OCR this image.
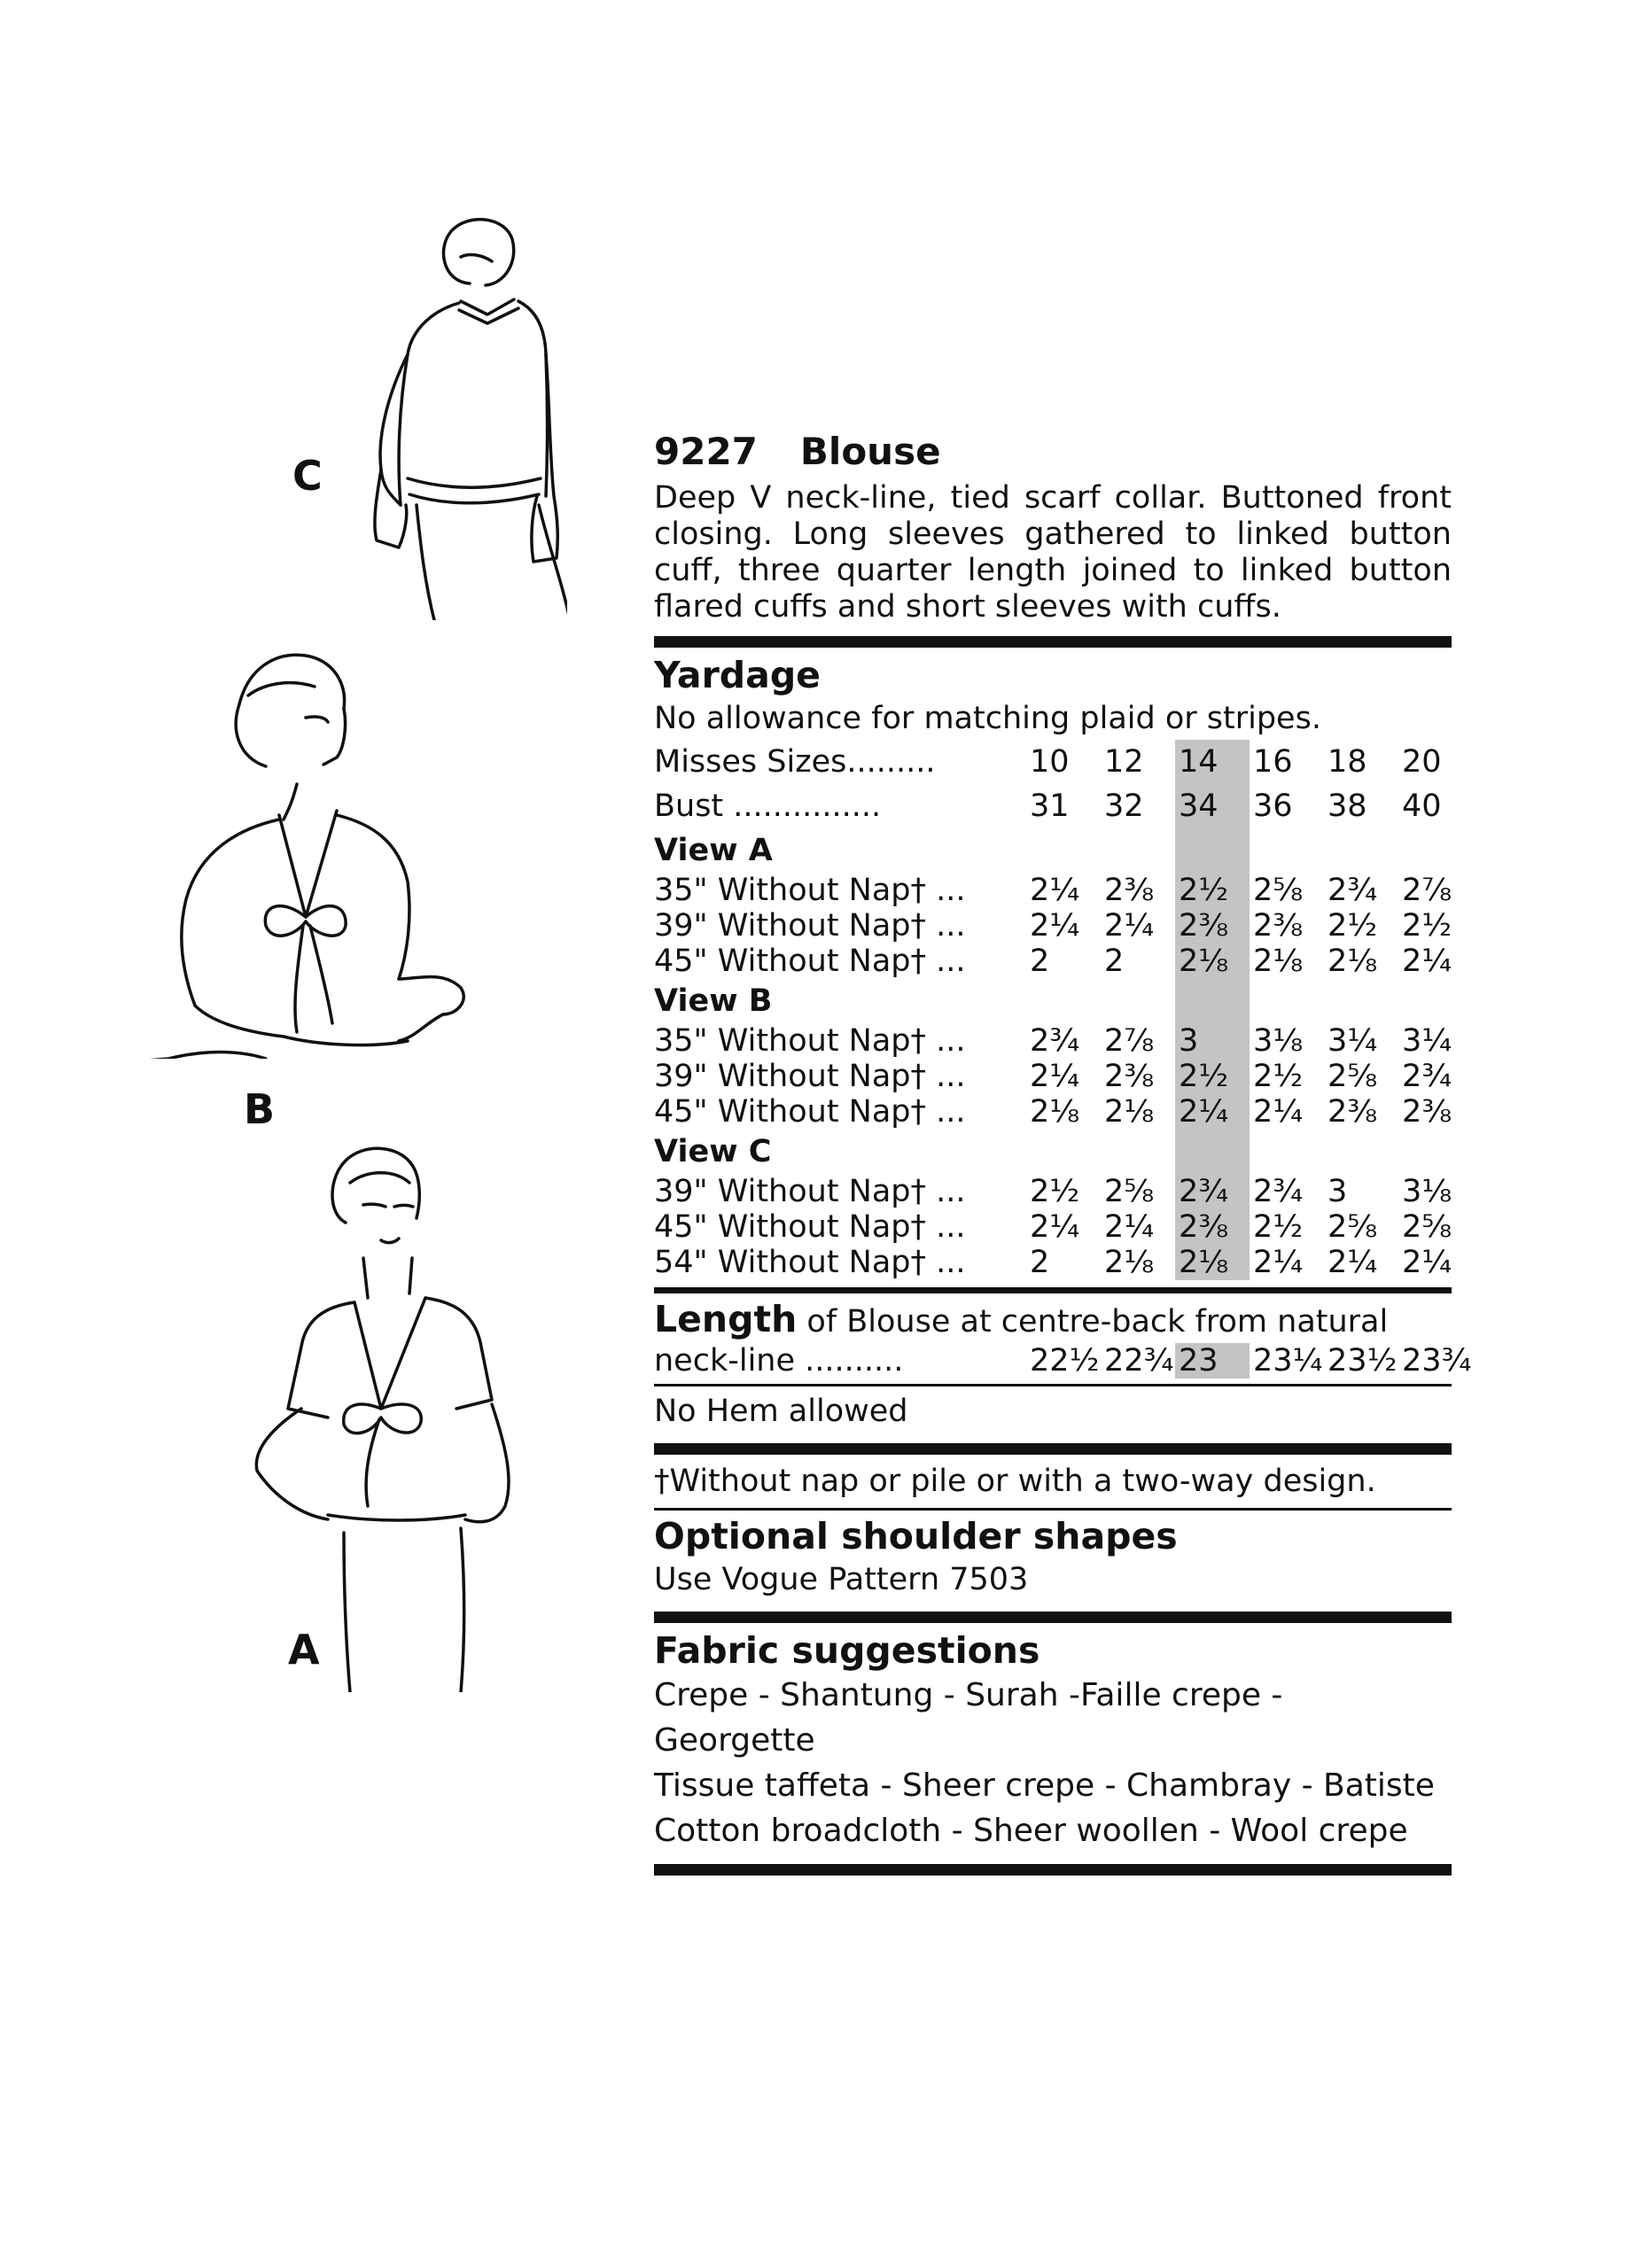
C
B
A
9227 Blouse
Deep V neck-line, tied scarf collar. Buttoned front closing. Long sleeves gathered to linked button cuff, three quarter length joined to linked button flared cuffs and short sleeves with cuffs.
Yardage
No allowance for matching plaid or stripes.
Misses Sizes.........	10	12	14	16	18	20
Bust ...............	31	32	34	36	38	40
View A						
35" Without Nap† ...	2¼	2⅜	2½	2⅝	2¾	2⅞
39" Without Nap† ...	2¼	2¼	2⅜	2⅜	2½	2½
45" Without Nap† ...	2	2	2⅛	2⅛	2⅛	2¼
View B						
35" Without Nap† ...	2¾	2⅞	3	3⅛	3¼	3¼
39" Without Nap† ...	2¼	2⅜	2½	2½	2⅝	2¾
45" Without Nap† ...	2⅛	2⅛	2¼	2¼	2⅜	2⅜
View C						
39" Without Nap† ...	2½	2⅝	2¾	2¾	3	3⅛
45" Without Nap† ...	2¼	2¼	2⅜	2½	2⅝	2⅝
54" Without Nap† ...	2	2⅛	2⅛	2¼	2¼	2¼
Length of Blouse at centre-back from natural
neck-line ..........	22½	22¾	23	23¼	23½	23¾
No Hem allowed
†Without nap or pile or with a two-way design.
Optional shoulder shapes
Use Vogue Pattern 7503
Fabric suggestions
Crepe - Shantung - Surah -Faille crepe - Georgette
Tissue taffeta - Sheer crepe - Chambray - Batiste
Cotton broadcloth - Sheer woollen - Wool crepe
